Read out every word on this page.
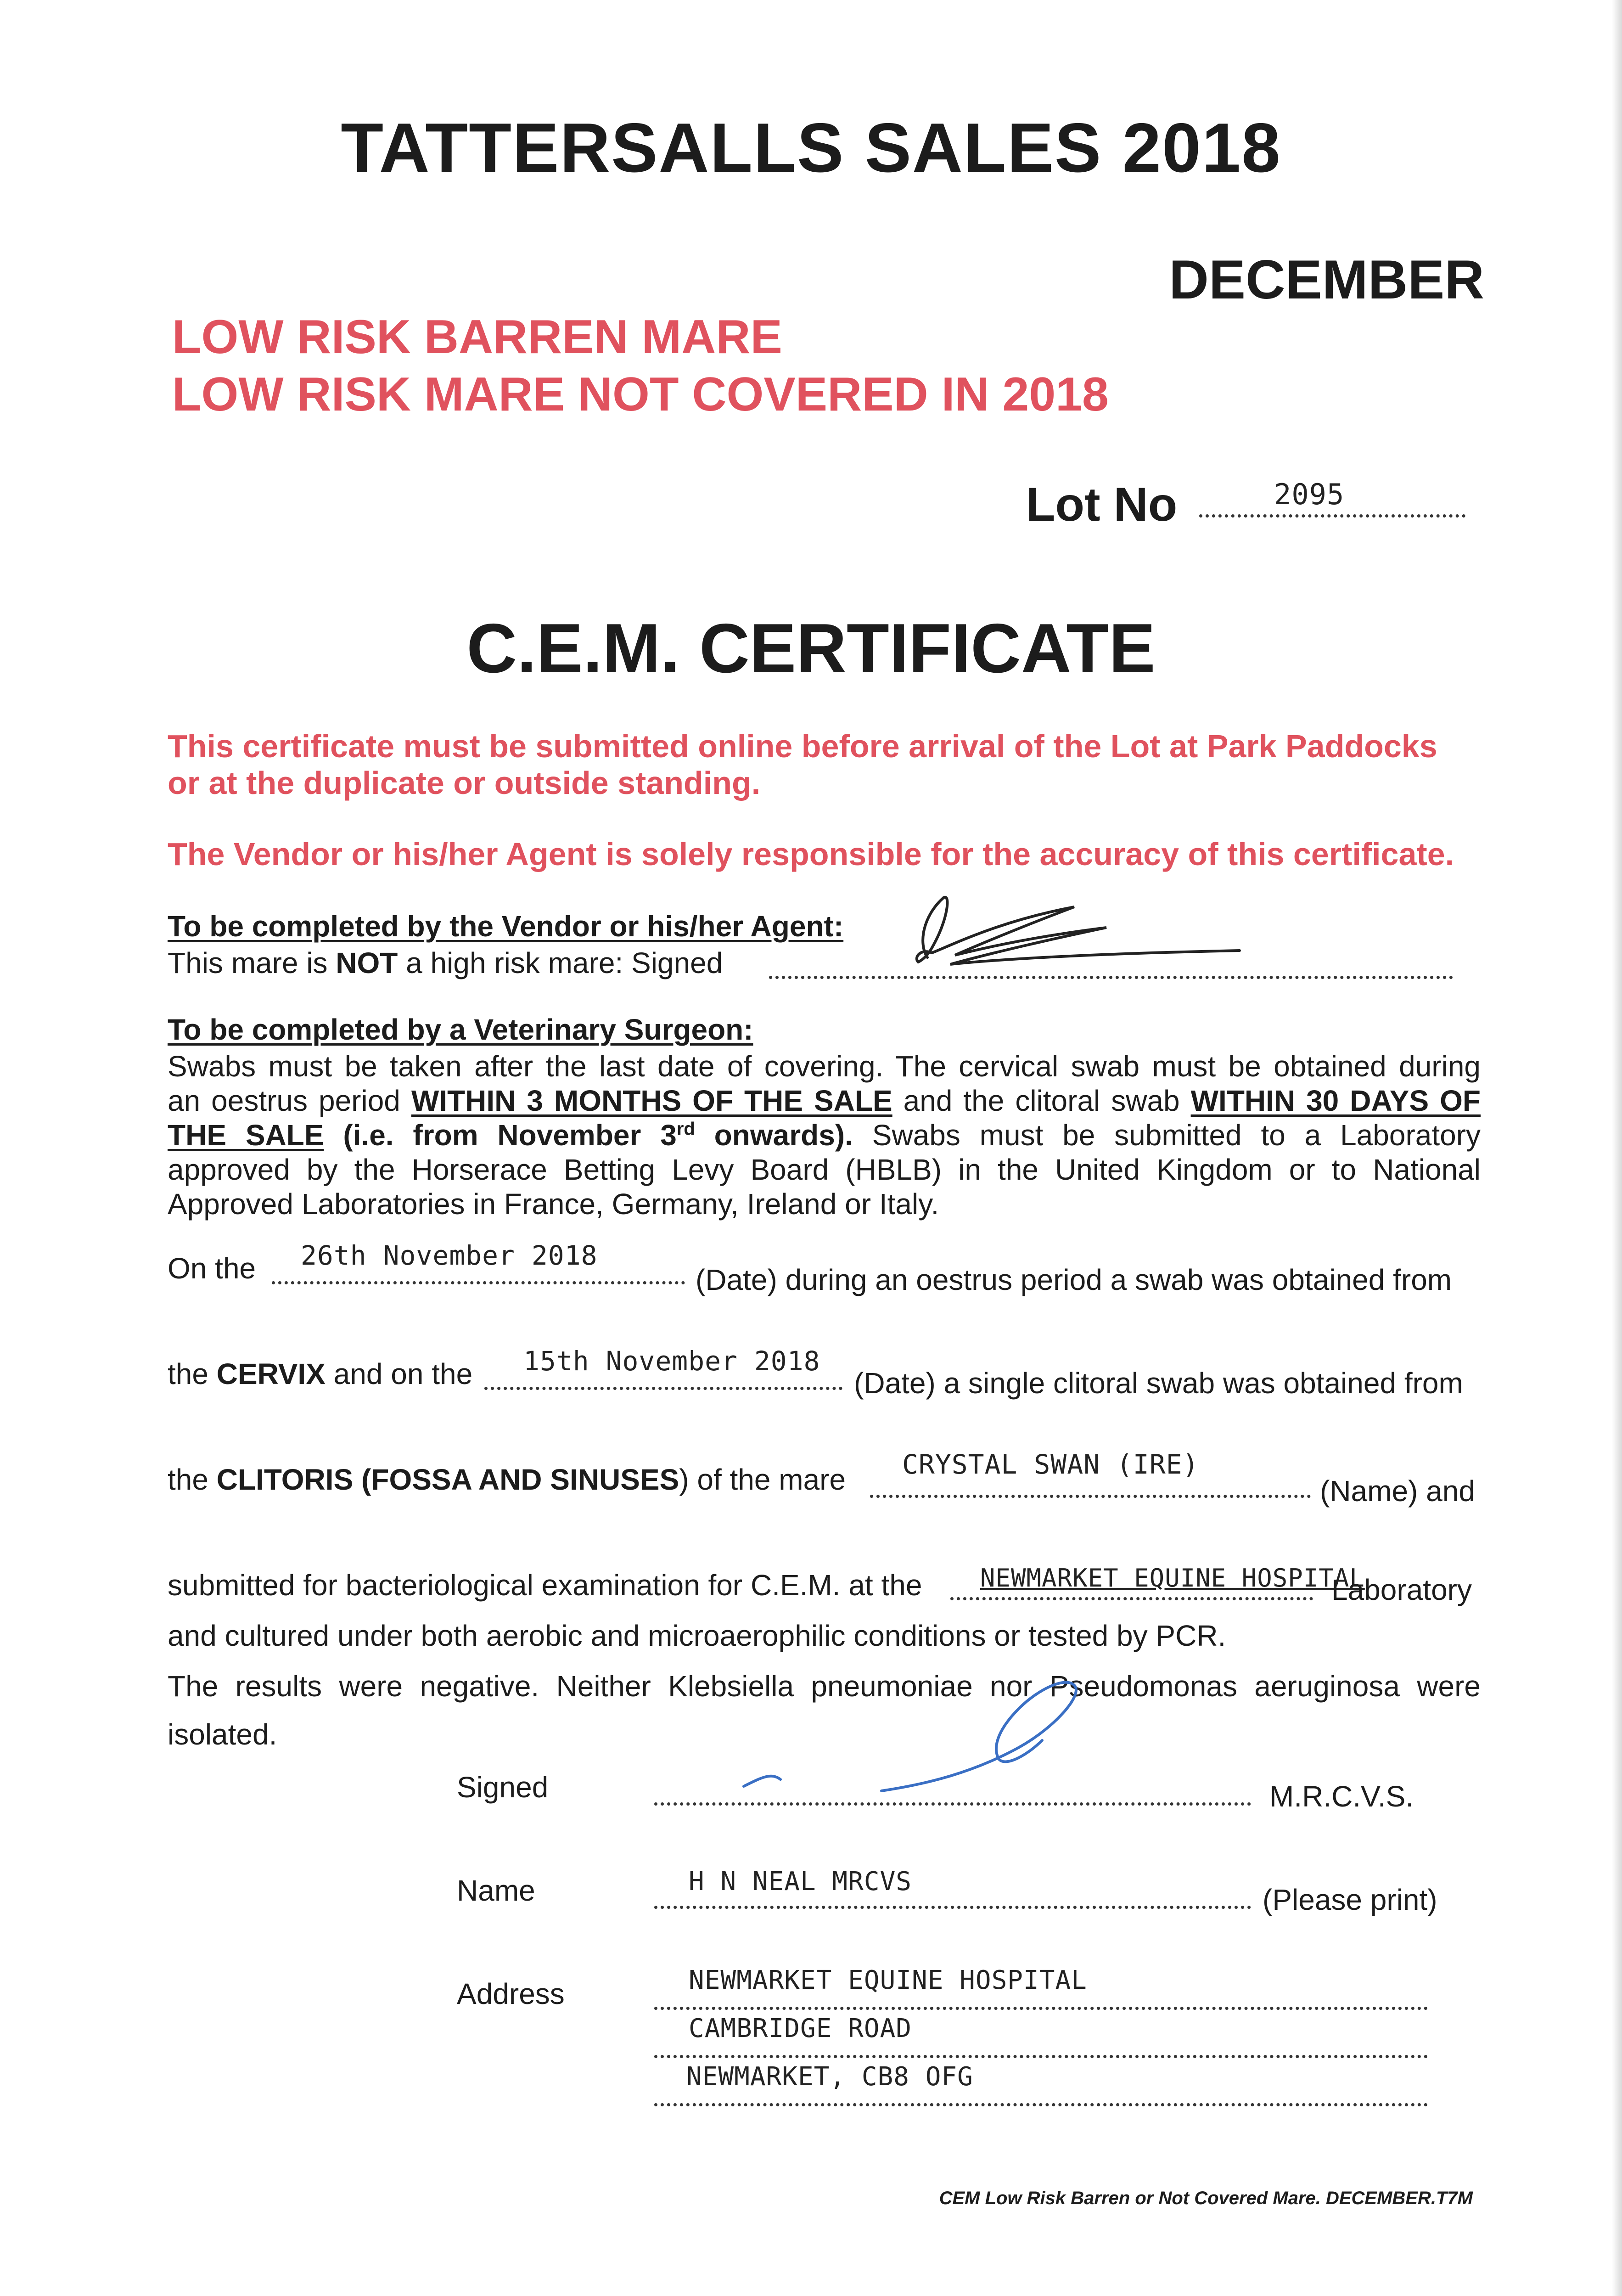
TATTERSALLS SALES 2018
DECEMBER
LOW RISK BARREN MARE
LOW RISK MARE NOT COVERED IN 2018
Lot No	2095
C.E.M. CERTIFICATE
This certificate must be submitted online before arrival of the Lot at Park Paddocks
or at the duplicate or outside standing.
The Vendor or his/her Agent is solely responsible for the accuracy of this certificate.
To be completed by the Vendor or his/her Agent:
This mare is NOT a high risk mare: Signed
To be completed by a Veterinary Surgeon:
Swabs must be taken after the last date of covering. The cervical swab must be obtained during
an oestrus period WITHIN 3 MONTHS OF THE SALE and the clitoral swab WITHIN 30 DAYS OF
THE SALE (i.e. from November 3rd onwards). Swabs must be submitted to a Laboratory
approved by the Horserace Betting Levy Board (HBLB) in the United Kingdom or to National
Approved Laboratories in France, Germany, Ireland or Italy.
On the 26th November 2018
(Date) during an oestrus period a swab was obtained from
the CERVIX and on the 15th November 2018
(Date) a single clitoral swab was obtained from
the CLITORIS (FOSSA AND SINUSES) of the mare CRYSTAL SWAN (IRE)
(Name) and
submitted for bacteriological examination for C.E.M. at the NEWMARKET EQUINE HOSPITAL
Laboratory
and cultured under both aerobic and microaerophilic conditions or tested by PCR.
The results were negative. Neither Klebsiella pneumoniae nor Pseudomonas aeruginosa were
isolated.
Signed	M.R.C.V.S.
Name	H N NEAL MRCVS
(Please print)
Address	NEWMARKET EQUINE HOSPITAL
CAMBRIDGE ROAD
NEWMARKET, CB8 OFG
CEM Low Risk Barren or Not Covered Mare. DECEMBER.T7M
